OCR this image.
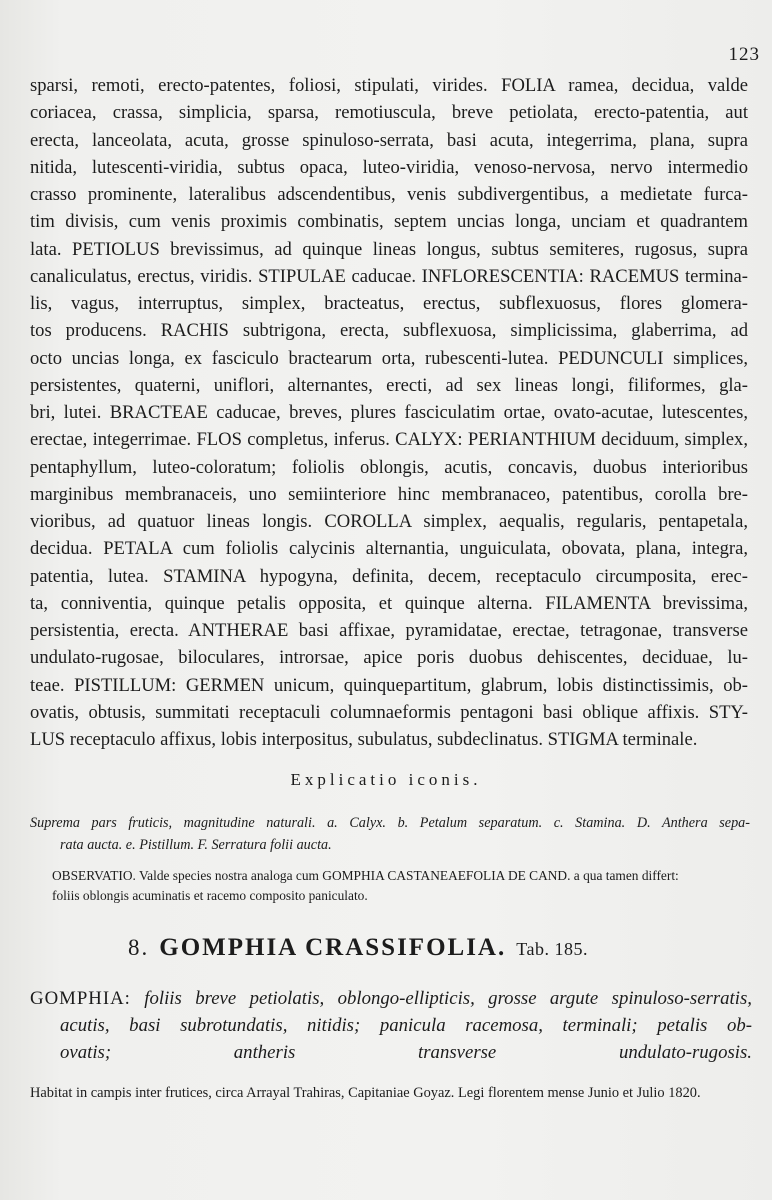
123
sparsi, remoti, erecto-patentes, foliosi, stipulati, virides. FOLIA ramea, decidua, valde
coriacea, crassa, simplicia, sparsa, remotiuscula, breve petiolata, erecto-patentia, aut
erecta, lanceolata, acuta, grosse spinuloso-serrata, basi acuta, integerrima, plana, supra
nitida, lutescenti-viridia, subtus opaca, luteo-viridia, venoso-nervosa, nervo intermedio
crasso prominente, lateralibus adscendentibus, venis subdivergentibus, a medietate furca-
tim divisis, cum venis proximis combinatis, septem uncias longa, unciam et quadrantem
lata. PETIOLUS brevissimus, ad quinque lineas longus, subtus semiteres, rugosus, supra
canaliculatus, erectus, viridis. STIPULAE caducae. INFLORESCENTIA: RACEMUS termina-
lis, vagus, interruptus, simplex, bracteatus, erectus, subflexuosus, flores glomera-
tos producens. RACHIS subtrigona, erecta, subflexuosa, simplicissima, glaberrima, ad
octo uncias longa, ex fasciculo bractearum orta, rubescenti-lutea. PEDUNCULI simplices,
persistentes, quaterni, uniflori, alternantes, erecti, ad sex lineas longi, filiformes, gla-
bri, lutei. BRACTEAE caducae, breves, plures fasciculatim ortae, ovato-acutae, lutescentes,
erectae, integerrimae. FLOS completus, inferus. CALYX: PERIANTHIUM deciduum, simplex,
pentaphyllum, luteo-coloratum; foliolis oblongis, acutis, concavis, duobus interioribus
marginibus membranaceis, uno semiinteriore hinc membranaceo, patentibus, corolla bre-
vioribus, ad quatuor lineas longis. COROLLA simplex, aequalis, regularis, pentapetala,
decidua. PETALA cum foliolis calycinis alternantia, unguiculata, obovata, plana, integra,
patentia, lutea. STAMINA hypogyna, definita, decem, receptaculo circumposita, erec-
ta, conniventia, quinque petalis opposita, et quinque alterna. FILAMENTA brevissima,
persistentia, erecta. ANTHERAE basi affixae, pyramidatae, erectae, tetragonae, transverse
undulato-rugosae, biloculares, introrsae, apice poris duobus dehiscentes, deciduae, lu-
teae. PISTILLUM: GERMEN unicum, quinquepartitum, glabrum, lobis distinctissimis, ob-
ovatis, obtusis, summitati receptaculi columnaeformis pentagoni basi oblique affixis. STY-
LUS receptaculo affixus, lobis interpositus, subulatus, subdeclinatus. STIGMA terminale.
Explicatio iconis.
Suprema pars fruticis, magnitudine naturali. a. Calyx. b. Petalum separatum. c. Stamina. D. Anthera sepa-
rata aucta. e. Pistillum. F. Serratura folii aucta.
OBSERVATIO. Valde species nostra analoga cum GOMPHIA CASTANEAEFOLIA DE CAND. a qua tamen differt:
foliis oblongis acuminatis et racemo composito paniculato.
8. GOMPHIA CRASSIFOLIA. Tab. 185.
GOMPHIA: foliis breve petiolatis, oblongo-ellipticis, grosse argute spinuloso-serratis,
acutis, basi subrotundatis, nitidis; panicula racemosa, terminali; petalis ob-
ovatis; antheris transverse undulato-rugosis.
Habitat in campis inter frutices, circa Arrayal Trahiras, Capitaniae Goyaz. Legi florentem mense Junio et Julio 1820.
